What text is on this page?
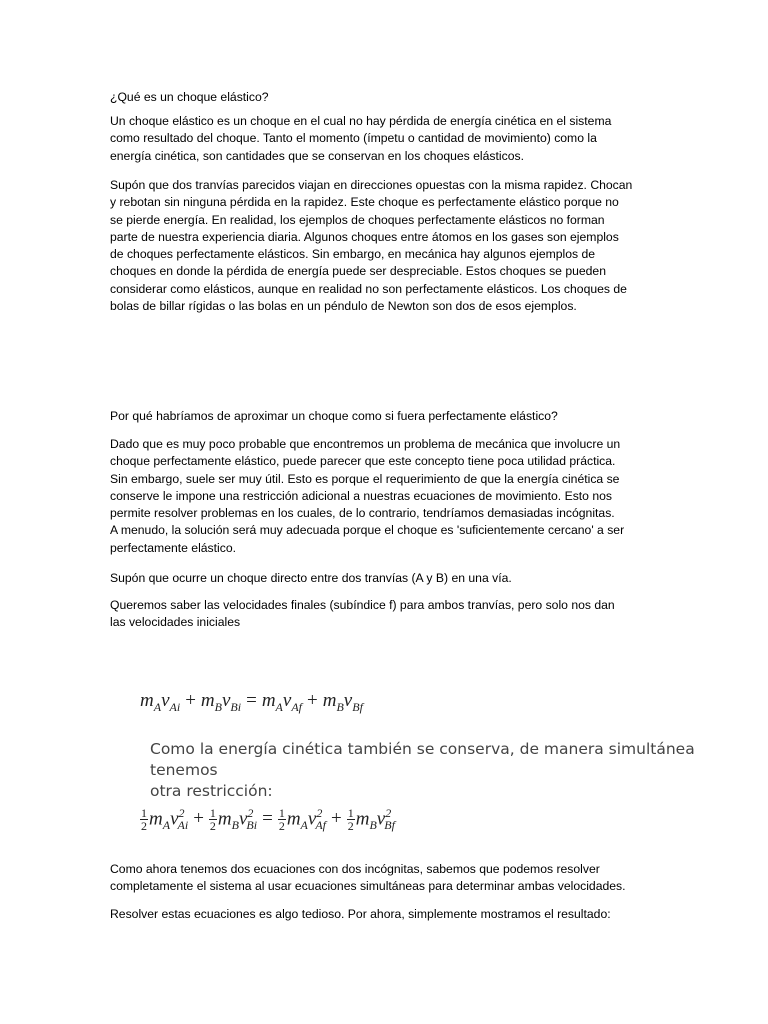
¿Qué es un choque elástico?

Un choque elástico es un choque en el cual no hay pérdida de energía cinética en el sistema
como resultado del choque. Tanto el momento (ímpetu o cantidad de movimiento) como la
energía cinética, son cantidades que se conservan en los choques elásticos.

Supón que dos tranvías parecidos viajan en direcciones opuestas con la misma rapidez. Chocan
y rebotan sin ninguna pérdida en la rapidez. Este choque es perfectamente elástico porque no
se pierde energía. En realidad, los ejemplos de choques perfectamente elásticos no forman
parte de nuestra experiencia diaria. Algunos choques entre átomos en los gases son ejemplos
de choques perfectamente elásticos. Sin embargo, en mecánica hay algunos ejemplos de
choques en donde la pérdida de energía puede ser despreciable. Estos choques se pueden
considerar como elásticos, aunque en realidad no son perfectamente elásticos. Los choques de
bolas de billar rígidas o las bolas en un péndulo de Newton son dos de esos ejemplos.

Por qué habríamos de aproximar un choque como si fuera perfectamente elástico?

Dado que es muy poco probable que encontremos un problema de mecánica que involucre un
choque perfectamente elástico, puede parecer que este concepto tiene poca utilidad práctica.
Sin embargo, suele ser muy útil. Esto es porque el requerimiento de que la energía cinética se
conserve le impone una restricción adicional a nuestras ecuaciones de movimiento. Esto nos
permite resolver problemas en los cuales, de lo contrario, tendríamos demasiadas incógnitas.
A menudo, la solución será muy adecuada porque el choque es 'suficientemente cercano' a ser
perfectamente elástico.

Supón que ocurre un choque directo entre dos tranvías (A y B) en una vía.

Queremos saber las velocidades finales (subíndice f) para ambos tranvías, pero solo nos dan
las velocidades iniciales

$m_Av_{Ai} + m_Bv_{Bi} = m_Av_{Af} + m_Bv_{Bf}$
Como la energía cinética también se conserva, de manera simultánea tenemos
otra restricción:
$\frac{1}{2} m_Av^2_{Ai} + \frac{1}{2} m_Bv^2_{Bi} = \frac{1}{2} m_Av^2_{Af} + \frac{1}{2} m_Bv^2_{Bf}$

Como ahora tenemos dos ecuaciones con dos incógnitas, sabemos que podemos resolver
completamente el sistema al usar ecuaciones simultáneas para determinar ambas velocidades.

Resolver estas ecuaciones es algo tedioso. Por ahora, simplemente mostramos el resultado:
